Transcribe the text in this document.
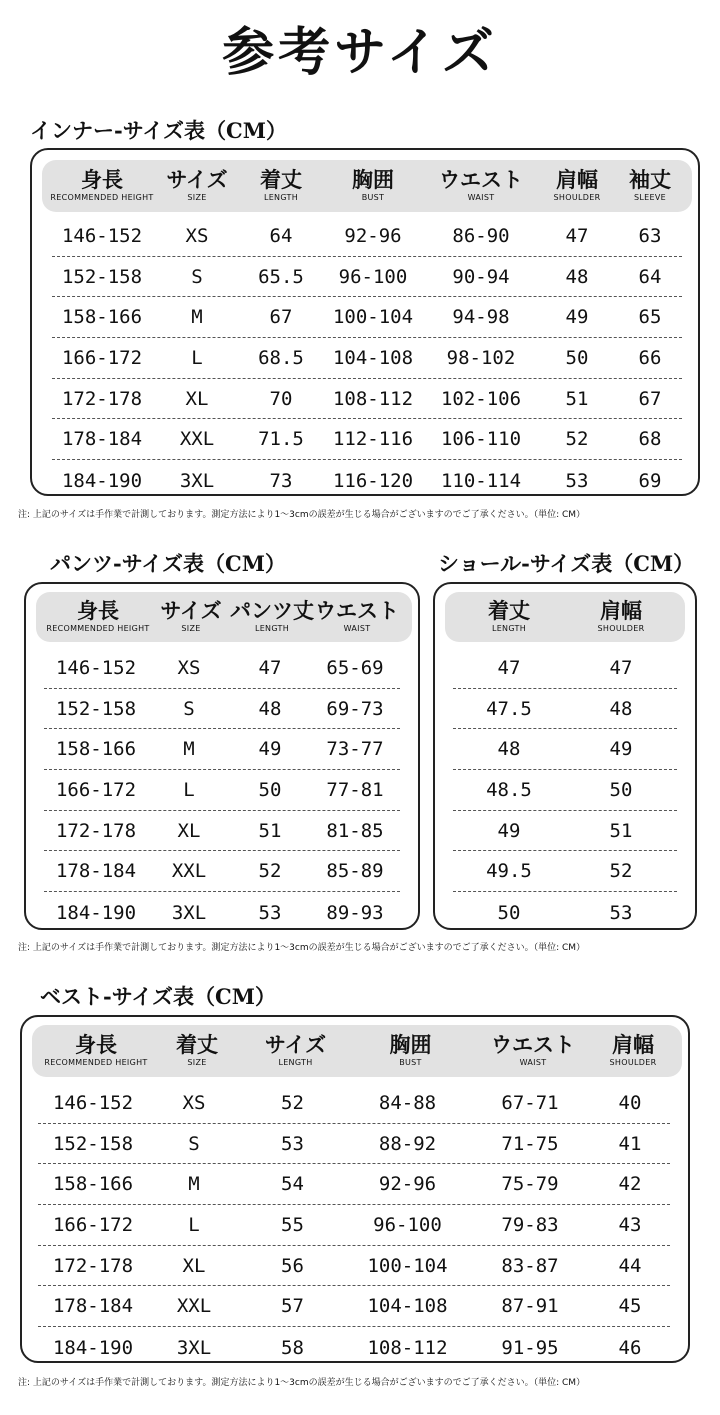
参考サイズ
インナー-サイズ表（CM）
身長
RECOMMENDED HEIGHT
サイズ
SIZE
着丈
LENGTH
胸囲
BUST
ウエスト
WAIST
肩幅
SHOULDER
袖丈
SLEEVE
146-152	XS	64	92-96	86-90	47	63
152-158	S	65.5	96-100	90-94	48	64
158-166	M	67	100-104	94-98	49	65
166-172	L	68.5	104-108	98-102	50	66
172-178	XL	70	108-112	102-106	51	67
178-184	XXL	71.5	112-116	106-110	52	68
184-190	3XL	73	116-120	110-114	53	69
注: 上記のサイズは手作業で計測しております。測定方法により1〜3cmの誤差が生じる場合がございますのでご了承ください。（単位: CM）
パンツ-サイズ表（CM）
身長
RECOMMENDED HEIGHT
サイズ
SIZE
パンツ丈
LENGTH
ウエスト
WAIST
146-152	XS	47	65-69
152-158	S	48	69-73
158-166	M	49	73-77
166-172	L	50	77-81
172-178	XL	51	81-85
178-184	XXL	52	85-89
184-190	3XL	53	89-93
ショール-サイズ表（CM）
着丈
LENGTH
肩幅
SHOULDER
47	47
47.5	48
48	49
48.5	50
49	51
49.5	52
50	53
注: 上記のサイズは手作業で計測しております。測定方法により1〜3cmの誤差が生じる場合がございますのでご了承ください。（単位: CM）
ベスト-サイズ表（CM）
身長
RECOMMENDED HEIGHT
着丈
SIZE
サイズ
LENGTH
胸囲
BUST
ウエスト
WAIST
肩幅
SHOULDER
146-152	XS	52	84-88	67-71	40
152-158	S	53	88-92	71-75	41
158-166	M	54	92-96	75-79	42
166-172	L	55	96-100	79-83	43
172-178	XL	56	100-104	83-87	44
178-184	XXL	57	104-108	87-91	45
184-190	3XL	58	108-112	91-95	46
注: 上記のサイズは手作業で計測しております。測定方法により1〜3cmの誤差が生じる場合がございますのでご了承ください。（単位: CM）
